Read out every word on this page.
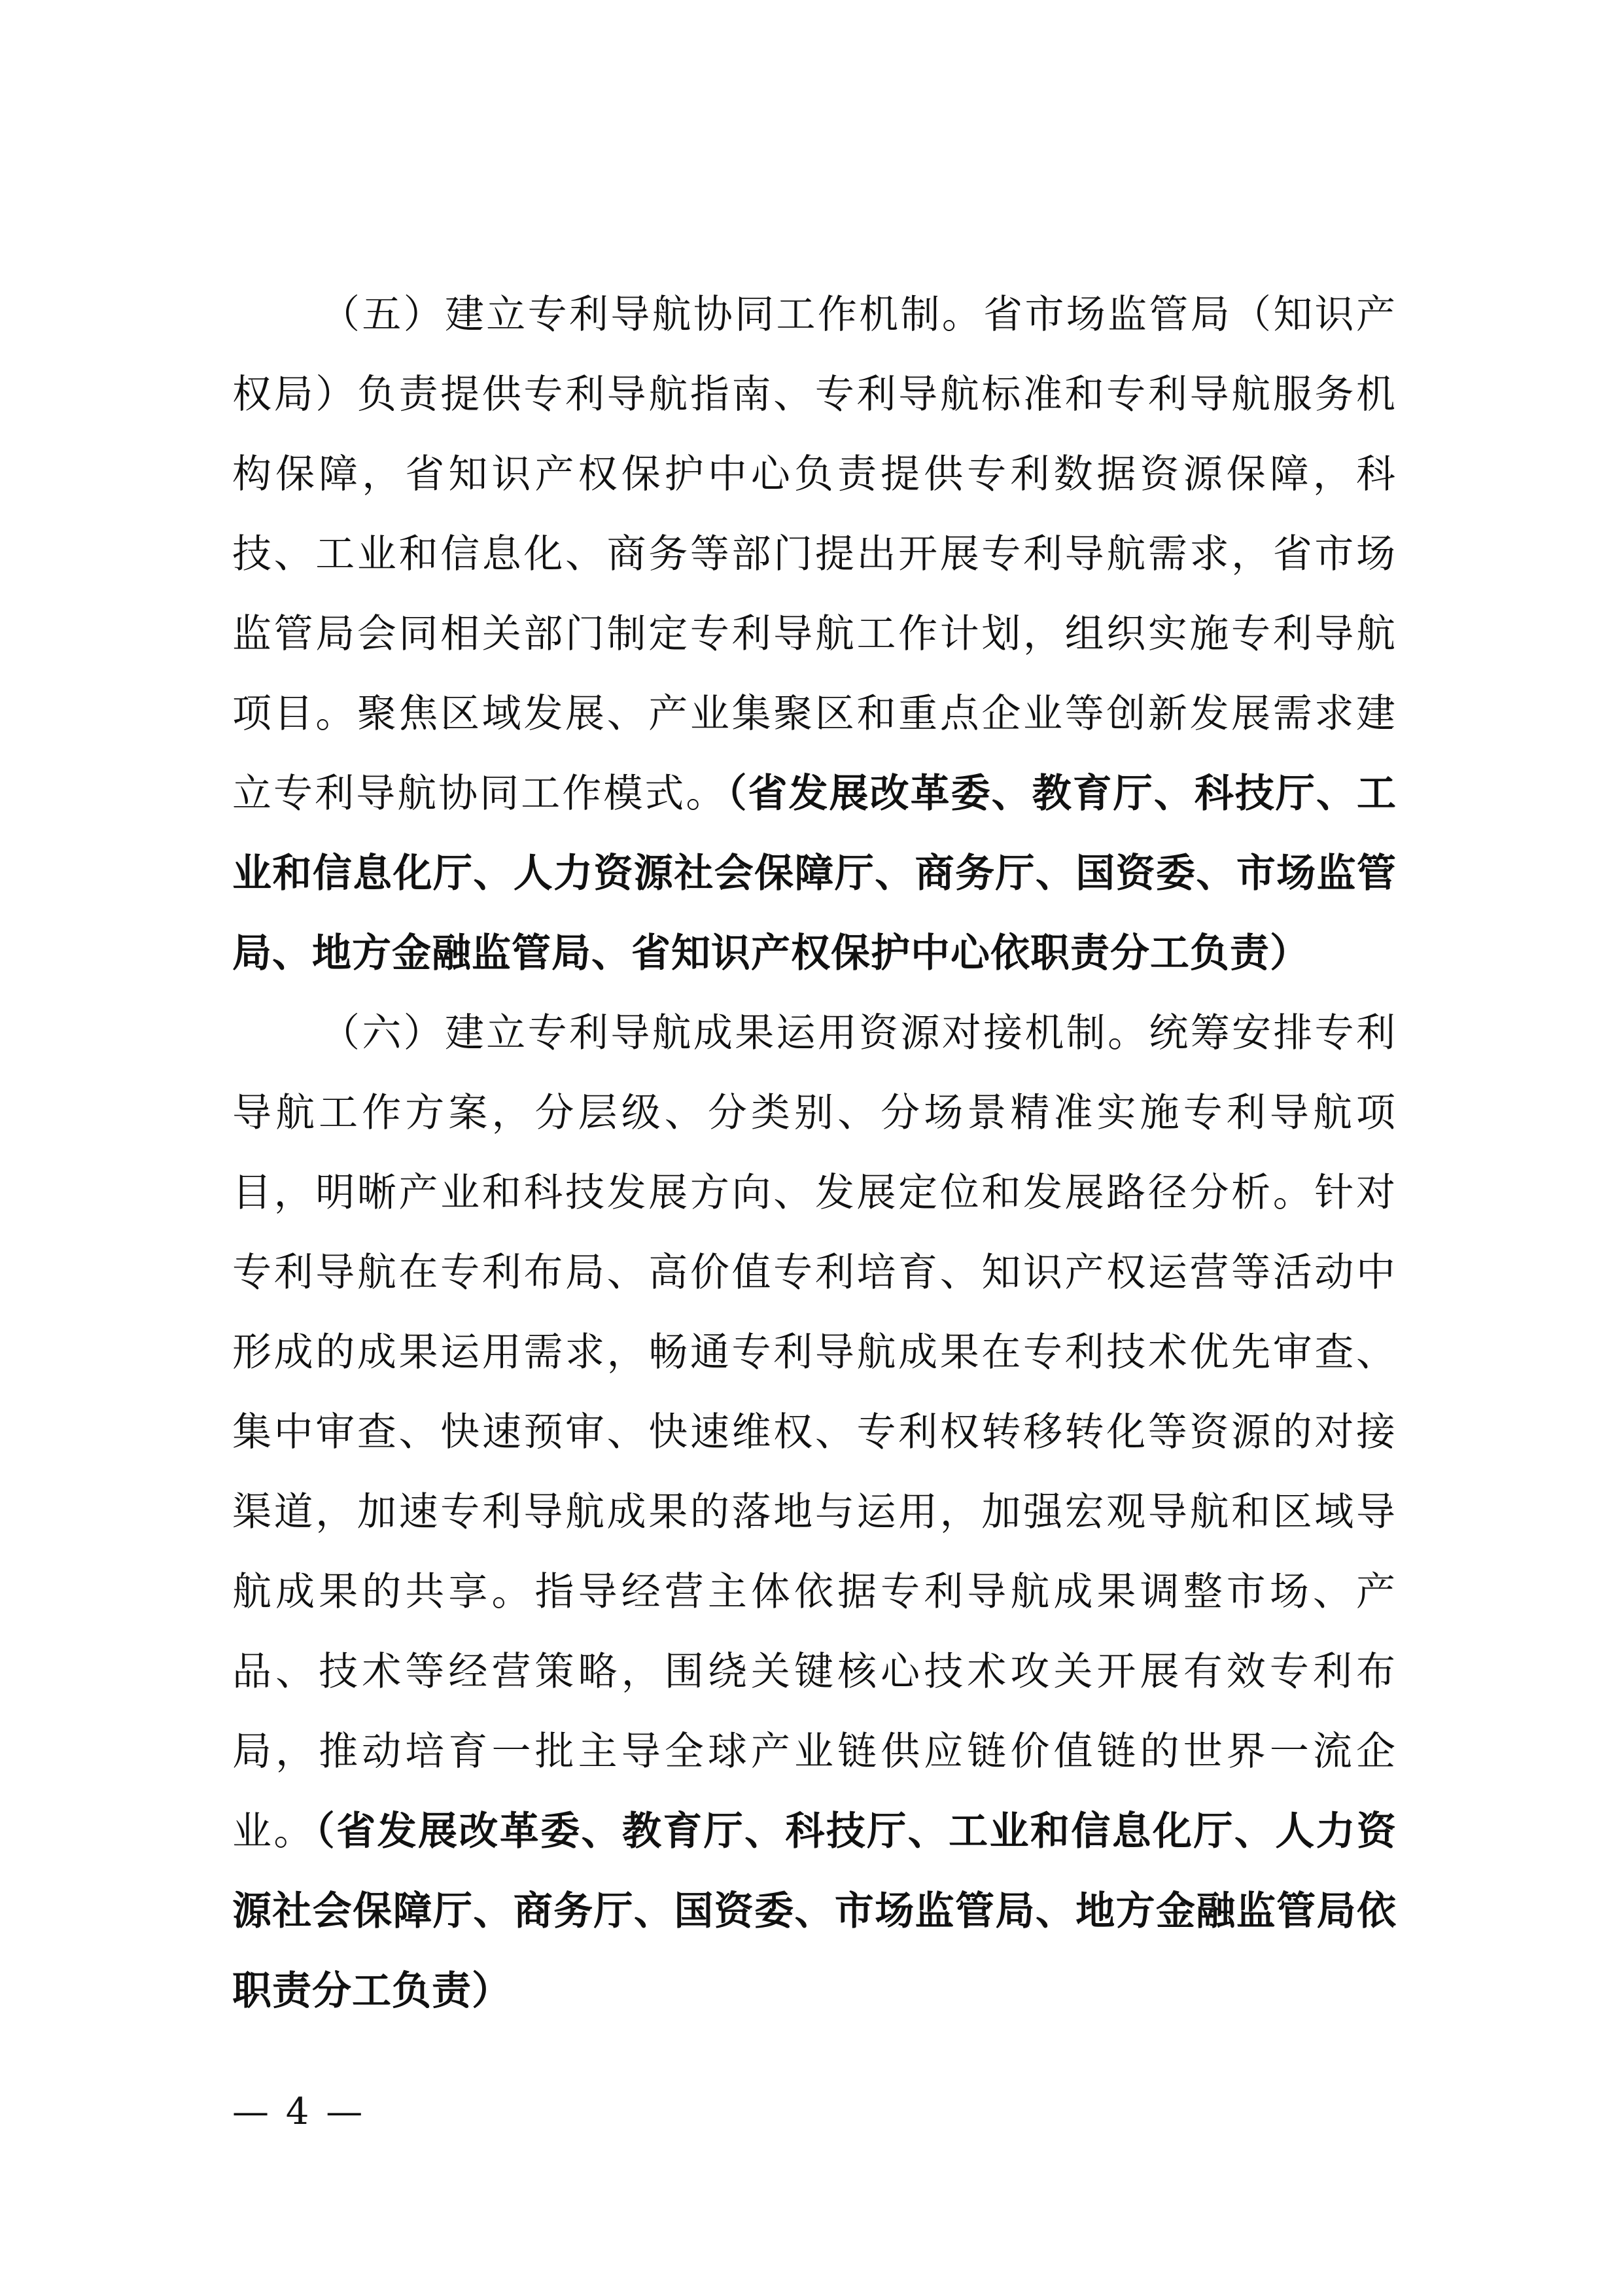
（五）建立专利导航协同工作机制。省市场监管局（知识产权局）负责提供专利导航指南、专利导航标准和专利导航服务机构保障，省知识产权保护中心负责提供专利数据资源保障，科技、工业和信息化、商务等部门提出开展专利导航需求，省市场监管局会同相关部门制定专利导航工作计划，组织实施专利导航项目。聚焦区域发展、产业集聚区和重点企业等创新发展需求建立专利导航协同工作模式。（省发展改革委、教育厅、科技厅、工业和信息化厅、人力资源社会保障厅、商务厅、国资委、市场监管局、地方金融监管局、省知识产权保护中心依职责分工负责）

（六）建立专利导航成果运用资源对接机制。统筹安排专利导航工作方案，分层级、分类别、分场景精准实施专利导航项目，明晰产业和科技发展方向、发展定位和发展路径分析。针对专利导航在专利布局、高价值专利培育、知识产权运营等活动中形成的成果运用需求，畅通专利导航成果在专利技术优先审查、集中审查、快速预审、快速维权、专利权转移转化等资源的对接渠道，加速专利导航成果的落地与运用，加强宏观导航和区域导航成果的共享。指导经营主体依据专利导航成果调整市场、产品、技术等经营策略，围绕关键核心技术攻关开展有效专利布局，推动培育一批主导全球产业链供应链价值链的世界一流企业。（省发展改革委、教育厅、科技厅、工业和信息化厅、人力资源社会保障厅、商务厅、国资委、市场监管局、地方金融监管局依职责分工负责）

— 4 —
